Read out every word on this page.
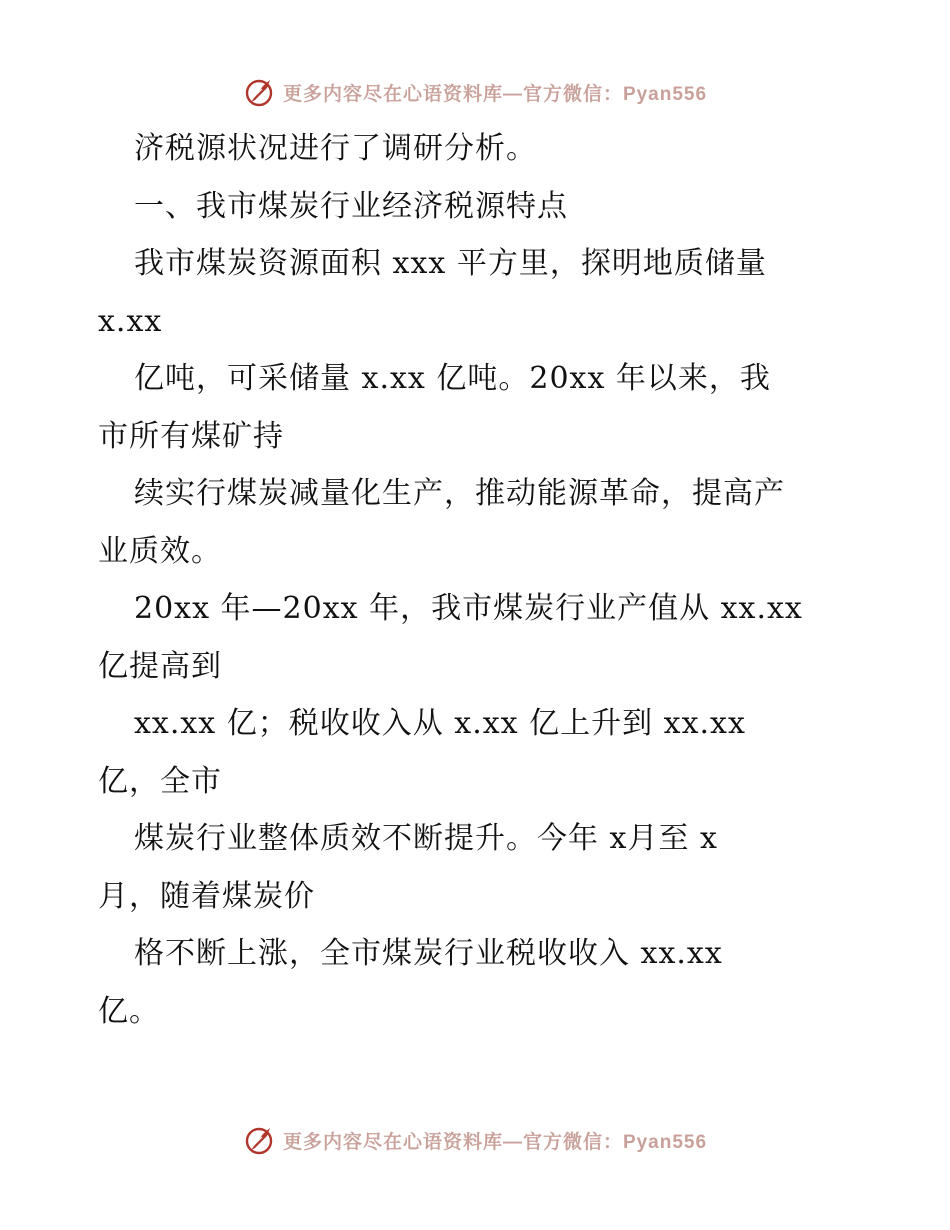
更多内容尽在心语资料库—官方微信：Pyan556
济税源状况进行了调研分析。
一、我市煤炭行业经济税源特点
我市煤炭资源面积 xxx 平方里，探明地质储量
x.xx
亿吨，可采储量 x.xx 亿吨。20xx 年以来，我
市所有煤矿持
续实行煤炭减量化生产，推动能源革命，提高产
业质效。
20xx 年—20xx 年，我市煤炭行业产值从 xx.xx
亿提高到
xx.xx 亿；税收收入从 x.xx 亿上升到 xx.xx
亿，全市
煤炭行业整体质效不断提升。今年 x月至 x
月，随着煤炭价
格不断上涨，全市煤炭行业税收收入 xx.xx
亿。
更多内容尽在心语资料库—官方微信：Pyan556
